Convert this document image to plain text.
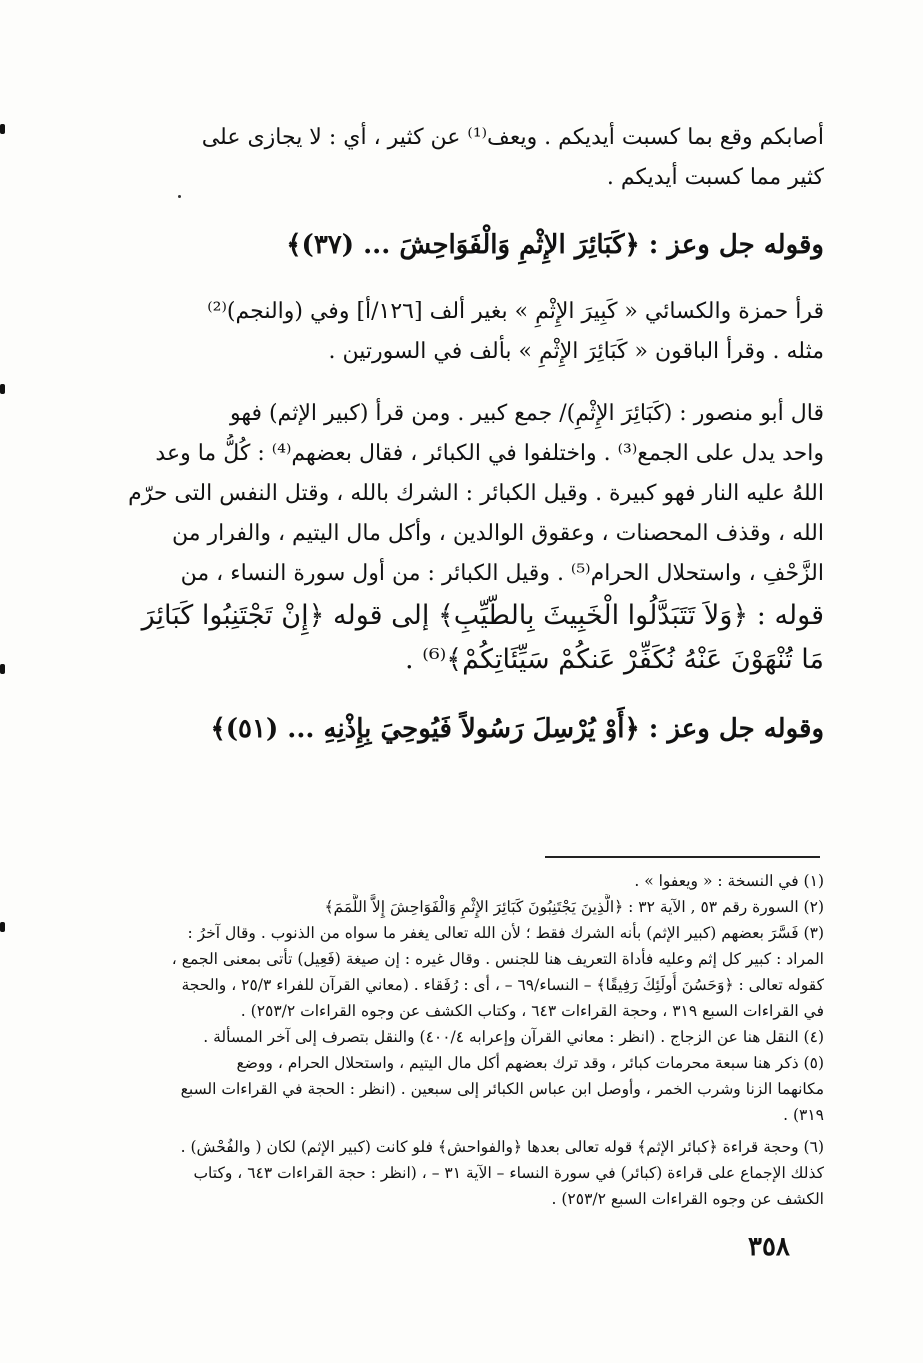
أصابكم وقع بما كسبت أيديكم . ويعف⁽¹⁾ عن كثير ، أي : لا يجازى على
كثير مما كسبت أيديكم .
وقوله جل وعز : ﴿كَبَائِرَ الإِثْمِ وَالْفَوَاحِشَ ... (٣٧)﴾
قرأ حمزة والكسائي « كَبِيرَ الإِثْمِ » بغير ألف [١٢٦/أ] وفي (والنجم)⁽²⁾
مثله . وقرأ الباقون « كَبَائِرَ الإِثْمِ » بألف في السورتين .
قال أبو منصور : (كَبَائِرَ الإِثْمِ)/ جمع كبير . ومن قرأ (كبير الإثم) فهو
واحد يدل على الجمع⁽³⁾ . واختلفوا في الكبائر ، فقال بعضهم⁽⁴⁾ : كُلُّ ما وعد
اللهُ عليه النار فهو كبيرة . وقيل الكبائر : الشرك بالله ، وقتل النفس التى حرّم
الله ، وقذف المحصنات ، وعقوق الوالدين ، وأكل مال اليتيم ، والفرار من
الزَّحْفِ ، واستحلال الحرام⁽⁵⁾ . وقيل الكبائر : من أول سورة النساء ، من
قوله : ﴿وَلاَ تَتَبَدَّلُوا الْخَبِيثَ بِالطَّيِّبِ﴾ إلى قوله ﴿إِنْ تَجْتَنِبُوا كَبَائِرَ
مَا تُنْهَوْنَ عَنْهُ نُكَفِّرْ عَنكُمْ سَيِّئَاتِكُمْ﴾⁽⁶⁾ .
وقوله جل وعز : ﴿أَوْ يُرْسِلَ رَسُولاً فَيُوحِيَ بِإِذْنِهِ ... (٥١)﴾
(١) في النسخة : « ويعفوا » .
(٢) السورة رقم ٥٣ , الآية ٣٢ : ﴿الَّذِينَ يَجْتَنِبُونَ كَبَائِرَ الإِثْمِ وَالْفَوَاحِشَ إِلاَّ اللَّمَمَ﴾
(٣) فَسَّرَ بعضهم (كبير الإثم) بأنه الشرك فقط ؛ لأن الله تعالى يغفر ما سواه من الذنوب . وقال آخرُ :
المراد : كبير كل إثم وعليه فأداة التعريف هنا للجنس . وقال غيره : إن صيغة (فَعِيل) تأتى بمعنى الجمع ،
كقوله تعالى : ﴿وَحَسُنَ أُولَئِكَ رَفِيقًا﴾ – النساء/٦٩ – ، أى : رُفَقاء . (معاني القرآن للفراء ٢٥/٣ ، والحجة
في القراءات السبع ٣١٩ ، وحجة القراءات ٦٤٣ ، وكتاب الكشف عن وجوه القراءات ٢٥٣/٢) .
(٤) النقل هنا عن الزجاج . (انظر : معاني القرآن وإعرابه ٤٠٠/٤) والنقل بتصرف إلى آخر المسألة .
(٥) ذكر هنا سبعة محرمات كبائر ، وقد ترك بعضهم أكل مال اليتيم ، واستحلال الحرام ، ووضع
مكانهما الزنا وشرب الخمر ، وأوصل ابن عباس الكبائر إلى سبعين . (انظر : الحجة في القراءات السبع
٣١٩) .
(٦) وحجة قراءة ﴿كبائر الإثم﴾ قوله تعالى بعدها ﴿والفواحش﴾ فلو كانت (كبير الإثم) لكان ( والفُحْش) .
كذلك الإجماع على قراءة (كبائر) في سورة النساء – الآية ٣١ – ، (انظر : حجة القراءات ٦٤٣ ، وكتاب
الكشف عن وجوه القراءات السبع ٢٥٣/٢) .
٣٥٨
